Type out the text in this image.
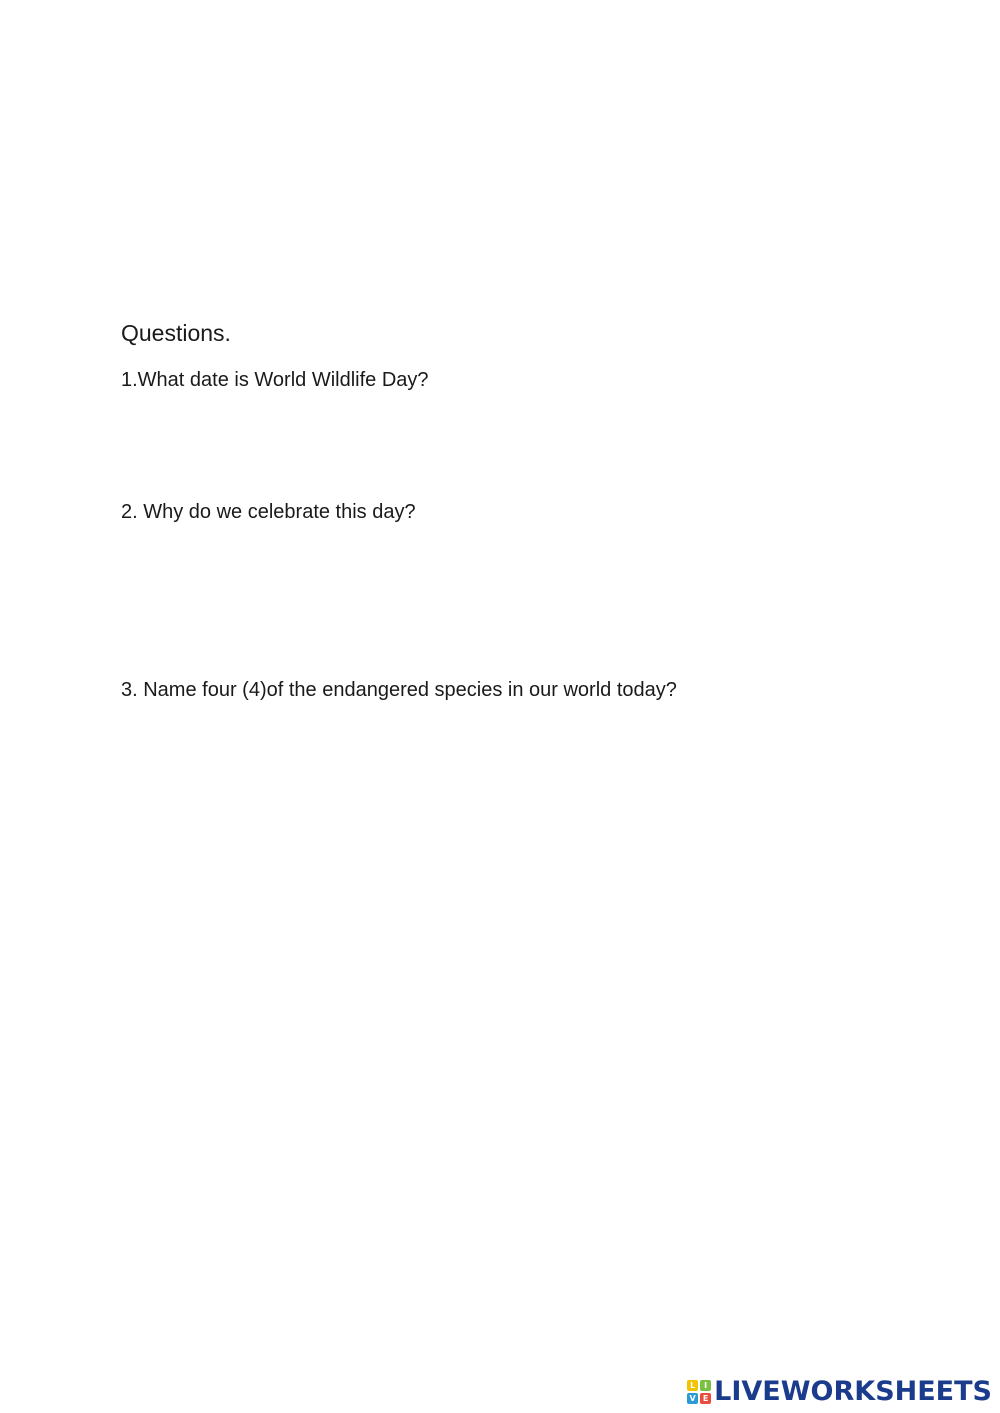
Questions.

1.What date is World Wildlife Day?

2. Why do we celebrate this day?

3. Name four (4)of the endangered species in our world today?

L	I
V E LIVEWORKSHEETS
